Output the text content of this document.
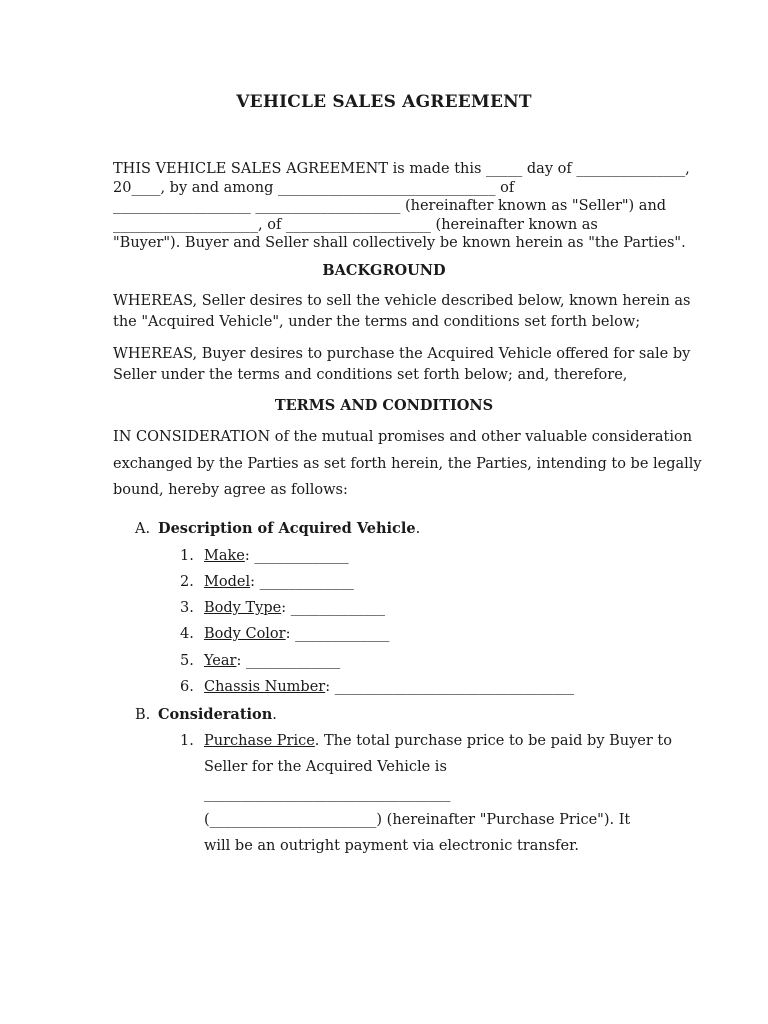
VEHICLE SALES AGREEMENT
THIS VEHICLE SALES AGREEMENT is made this _____ day of _______________,
20____, by and among ______________________________ of
___________________ ____________________ (hereinafter known as "Seller") and
____________________, of ____________________ (hereinafter known as
"Buyer"). Buyer and Seller shall collectively be known herein as "the Parties".
BACKGROUND
WHEREAS, Seller desires to sell the vehicle described below, known herein as
the "Acquired Vehicle", under the terms and conditions set forth below;
WHEREAS, Buyer desires to purchase the Acquired Vehicle offered for sale by
Seller under the terms and conditions set forth below; and, therefore,
TERMS AND CONDITIONS
IN CONSIDERATION of the mutual promises and other valuable consideration
exchanged by the Parties as set forth herein, the Parties, intending to be legally
bound, hereby agree as follows:
A. Description of Acquired Vehicle.
1. Make: _____________
2. Model: _____________
3. Body Type: _____________
4. Body Color: _____________
5. Year: _____________
6. Chassis Number: _________________________________
B. Consideration.
1. Purchase Price. The total purchase price to be paid by Buyer to
Seller for the Acquired Vehicle is
__________________________________
(_______________________) (hereinafter "Purchase Price"). It
will be an outright payment via electronic transfer.
